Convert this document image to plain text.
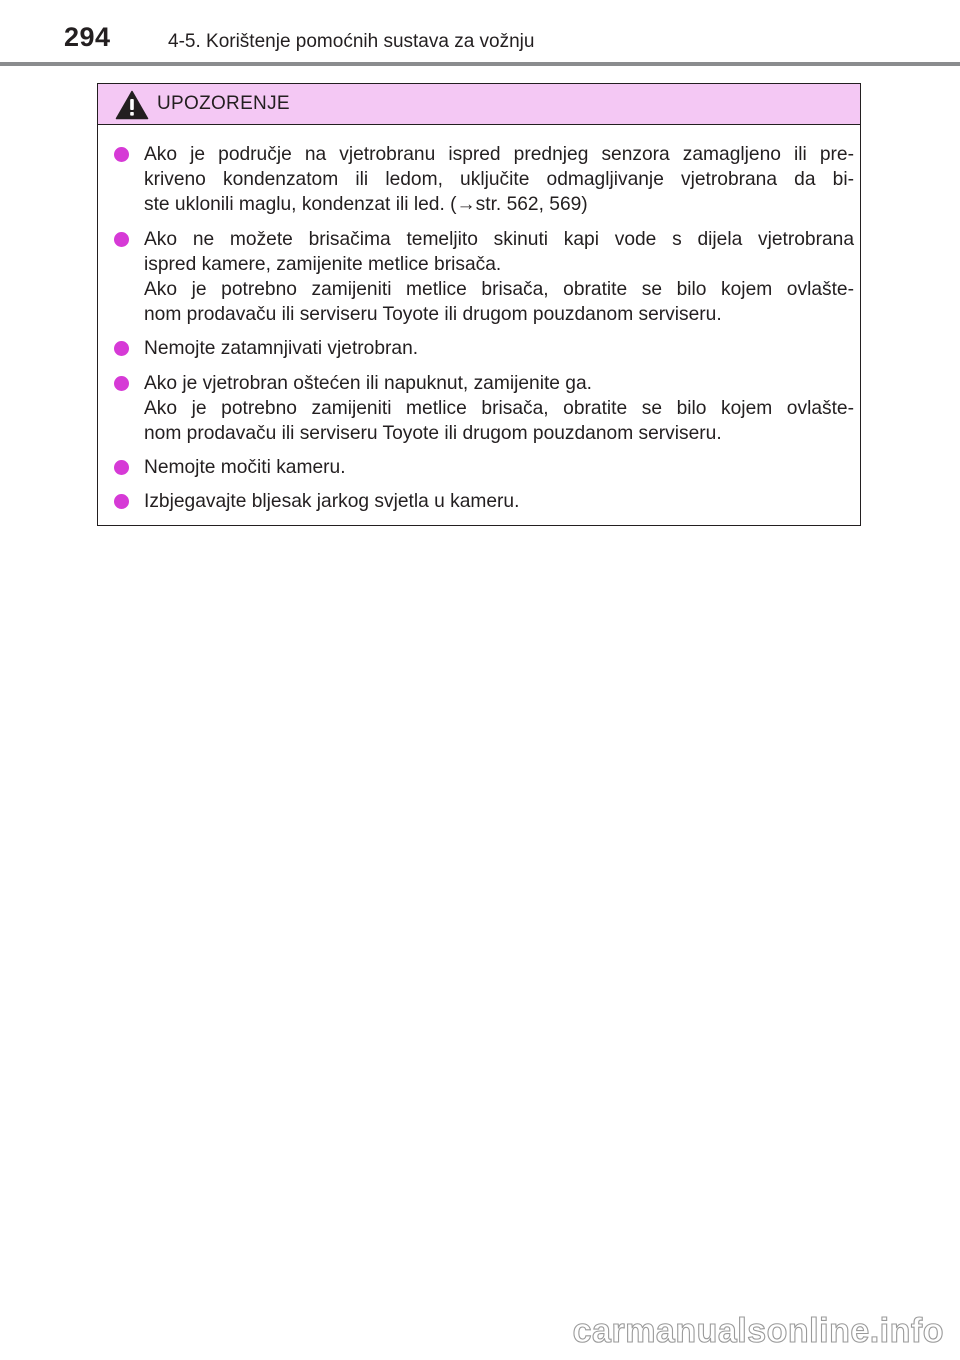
294	4-5. Korištenje pomoćnih sustava za vožnju
UPOZORENJE
Ako je područje na vjetrobranu ispred prednjeg senzora zamagljeno ili pre-
kriveno kondenzatom ili ledom, uključite odmagljivanje vjetrobrana da bi-
ste uklonili maglu, kondenzat ili led. (→str. 562, 569)
Ako ne možete brisačima temeljito skinuti kapi vode s dijela vjetrobrana
ispred kamere, zamijenite metlice brisača.
Ako je potrebno zamijeniti metlice brisača, obratite se bilo kojem ovlašte-
nom prodavaču ili serviseru Toyote ili drugom pouzdanom serviseru.
Nemojte zatamnjivati vjetrobran.
Ako je vjetrobran oštećen ili napuknut, zamijenite ga.
Ako je potrebno zamijeniti metlice brisača, obratite se bilo kojem ovlašte-
nom prodavaču ili serviseru Toyote ili drugom pouzdanom serviseru.
Nemojte močiti kameru.
Izbjegavajte bljesak jarkog svjetla u kameru.
carmanualsonline.info
